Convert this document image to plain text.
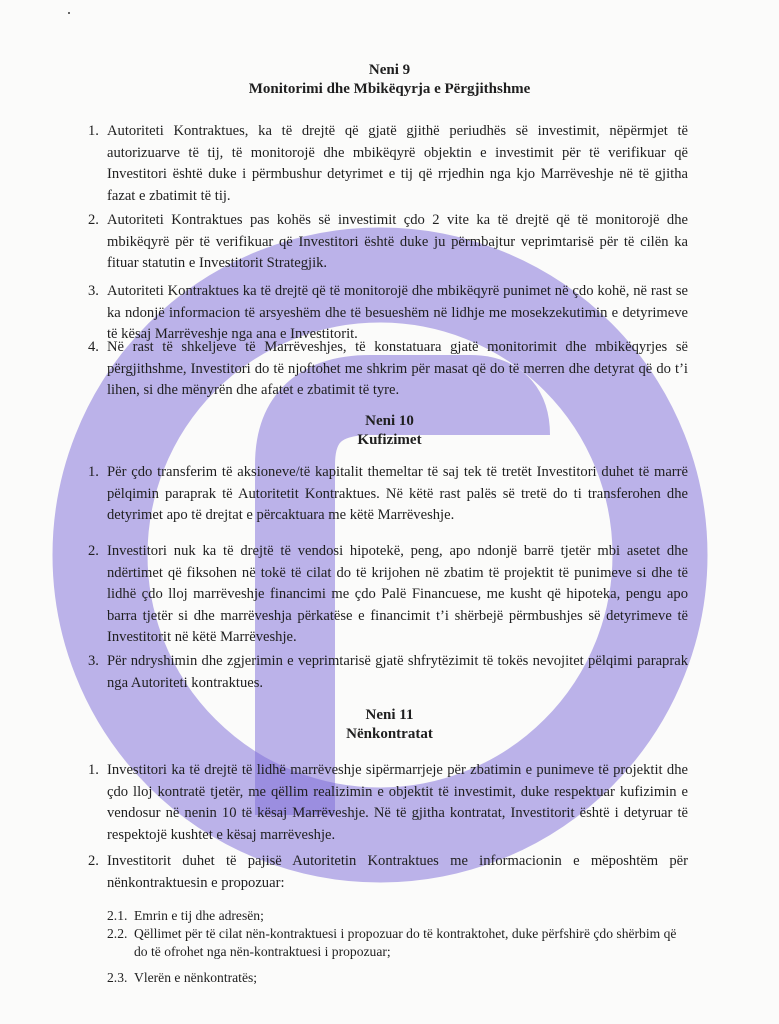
Neni 9
Monitorimi dhe Mbikëqyrja e Përgjithshme
1. Autoriteti Kontraktues, ka të drejtë që gjatë gjithë periudhës së investimit, nëpërmjet të autorizuarve të tij, të monitorojë dhe mbikëqyrë objektin e investimit për të verifikuar që Investitori është duke i përmbushur detyrimet e tij që rrjedhin nga kjo Marrëveshje në të gjitha fazat e zbatimit të tij.
2. Autoriteti Kontraktues pas kohës së investimit çdo 2 vite ka të drejtë që të monitorojë dhe mbikëqyrë për të verifikuar që Investitori është duke ju përmbajtur veprimtarisë për të cilën ka fituar statutin e Investitorit Strategjik.
3. Autoriteti Kontraktues ka të drejtë që të monitorojë dhe mbikëqyrë punimet në çdo kohë, në rast se ka ndonjë informacion të arsyeshëm dhe të besueshëm në lidhje me mosekzekutimin e detyrimeve të kësaj Marrëveshje nga ana e Investitorit.
4. Në rast të shkeljeve të Marrëveshjes, të konstatuara gjatë monitorimit dhe mbikëqyrjes së përgjithshme, Investitori do të njoftohet me shkrim për masat që do të merren dhe detyrat që do t’i lihen, si dhe mënyrën dhe afatet e zbatimit të tyre.
Neni 10
Kufizimet
1. Për çdo transferim të aksioneve/të kapitalit themeltar të saj tek të tretët Investitori duhet të marrë pëlqimin paraprak të Autoritetit Kontraktues. Në këtë rast palës së tretë do ti transferohen dhe detyrimet apo të drejtat e përcaktuara me këtë Marrëveshje.
2. Investitori nuk ka të drejtë të vendosi hipotekë, peng, apo ndonjë barrë tjetër mbi asetet dhe ndërtimet që fiksohen në tokë të cilat do të krijohen në zbatim të projektit të punimeve si dhe të lidhë çdo lloj marrëveshje financimi me çdo Palë Financuese, me kusht që hipoteka, pengu apo barra tjetër si dhe marrëveshja përkatëse e financimit t’i shërbejë përmbushjes së detyrimeve të Investitorit në këtë Marrëveshje.
3. Për ndryshimin dhe zgjerimin e veprimtarisë gjatë shfrytëzimit të tokës nevojitet pëlqimi paraprak nga Autoriteti kontraktues.
Neni 11
Nënkontratat
1. Investitori ka të drejtë të lidhë marrëveshje sipërmarrjeje për zbatimin e punimeve të projektit dhe çdo lloj kontratë tjetër, me qëllim realizimin e objektit të investimit, duke respektuar kufizimin e vendosur në nenin 10 të kësaj Marrëveshje. Në të gjitha kontratat, Investitorit është i detyruar të respektojë kushtet e kësaj marrëveshje.
2. Investitorit duhet të pajisë Autoritetin Kontraktues me informacionin e mëposhtëm për nënkontraktuesin e propozuar:
2.1. Emrin e tij dhe adresën;
2.2. Qëllimet për të cilat nën-kontraktuesi i propozuar do të kontraktohet, duke përfshirë çdo shërbim që do të ofrohet nga nën-kontraktuesi i propozuar;
2.3. Vlerën e nënkontratës;
